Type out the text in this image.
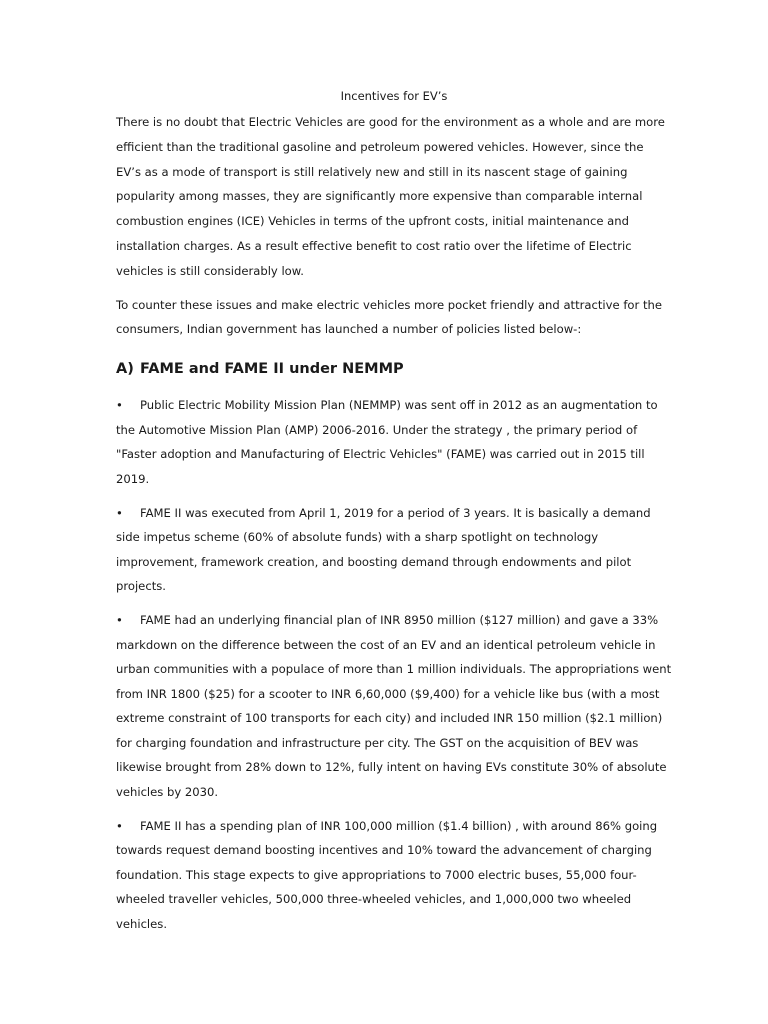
Incentives for EV’s

There is no doubt that Electric Vehicles are good for the environment as a whole and are more efficient than the traditional gasoline and petroleum powered vehicles. However, since the EV’s as a mode of transport is still relatively new and still in its nascent stage of gaining popularity among masses, they are significantly more expensive than comparable internal combustion engines (ICE) Vehicles in terms of the upfront costs, initial maintenance and installation charges. As a result effective benefit to cost ratio over the lifetime of Electric vehicles is still considerably low.

To counter these issues and make electric vehicles more pocket friendly and attractive for the consumers, Indian government has launched a number of policies listed below-:

A) FAME and FAME II under NEMMP

• Public Electric Mobility Mission Plan (NEMMP) was sent off in 2012 as an augmentation to the Automotive Mission Plan (AMP) 2006-2016. Under the strategy , the primary period of "Faster adoption and Manufacturing of Electric Vehicles" (FAME) was carried out in 2015 till 2019.

• FAME II was executed from April 1, 2019 for a period of 3 years. It is basically a demand side impetus scheme (60% of absolute funds) with a sharp spotlight on technology improvement, framework creation, and boosting demand through endowments and pilot projects.

• FAME had an underlying financial plan of INR 8950 million ($127 million) and gave a 33% markdown on the difference between the cost of an EV and an identical petroleum vehicle in urban communities with a populace of more than 1 million individuals. The appropriations went from INR 1800 ($25) for a scooter to INR 6,60,000 ($9,400) for a vehicle like bus (with a most extreme constraint of 100 transports for each city) and included INR 150 million ($2.1 million) for charging foundation and infrastructure per city. The GST on the acquisition of BEV was likewise brought from 28% down to 12%, fully intent on having EVs constitute 30% of absolute vehicles by 2030.

• FAME II has a spending plan of INR 100,000 million ($1.4 billion) , with around 86% going towards request demand boosting incentives and 10% toward the advancement of charging foundation. This stage expects to give appropriations to 7000 electric buses, 55,000 four-wheeled traveller vehicles, 500,000 three-wheeled vehicles, and 1,000,000 two wheeled vehicles.
